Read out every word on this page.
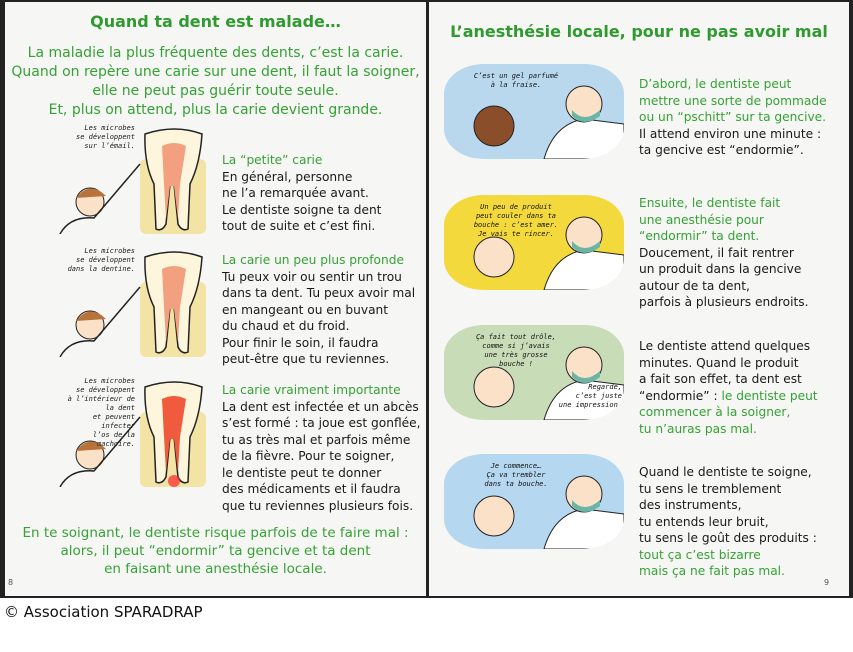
Quand ta dent est malade…
La maladie la plus fréquente des dents, c’est la carie.
Quand on repère une carie sur une dent, il faut la soigner,
elle ne peut pas guérir toute seule.
Et, plus on attend, plus la carie devient grande.
Les microbes
se développent
sur l’émail.
La “petite” carie
En général, personne
ne l’a remarquée avant.
Le dentiste soigne ta dent
tout de suite et c’est fini.
Les microbes
se développent
dans la dentine.
La carie un peu plus profonde
Tu peux voir ou sentir un trou
dans ta dent. Tu peux avoir mal
en mangeant ou en buvant
du chaud et du froid.
Pour finir le soin, il faudra
peut-être que tu reviennes.
Les microbes
se développent
à l’intérieur de la dent
et peuvent infecter
l’os de la machoire.
La carie vraiment importante
La dent est infectée et un abcès
s’est formé : ta joue est gonflée,
tu as très mal et parfois même
de la fièvre. Pour te soigner,
le dentiste peut te donner
des médicaments et il faudra
que tu reviennes plusieurs fois.
En te soignant, le dentiste risque parfois de te faire mal :
alors, il peut “endormir” ta gencive et ta dent
en faisant une anesthésie locale.
8
L’anesthésie locale, pour ne pas avoir mal
C’est un gel parfumé
à la fraise.	D’abord, le dentiste peut
mettre une sorte de pommade
ou un “pschitt” sur ta gencive.
Il attend environ une minute :
ta gencive est “endormie”.
Un peu de produit
peut couler dans ta
bouche : c’est amer.
Je vais te rincer.
Ensuite, le dentiste fait
une anesthésie pour
“endormir” ta dent.
Doucement, il fait rentrer
un produit dans la gencive
autour de ta dent,
parfois à plusieurs endroits.
Ça fait tout drôle,
comme si j’avais
une très grosse
bouche !
Regarde,
c’est juste
une impression.
Le dentiste attend quelques
minutes. Quand le produit
a fait son effet, ta dent est
“endormie” : le dentiste peut
commencer à la soigner,
tu n’auras pas mal.
Je commence…
Ça va trembler
dans ta bouche.
Quand le dentiste te soigne,
tu sens le tremblement
des instruments,
tu entends leur bruit,
tu sens le goût des produits :
tout ça c’est bizarre
mais ça ne fait pas mal.
9
© Association SPARADRAP
